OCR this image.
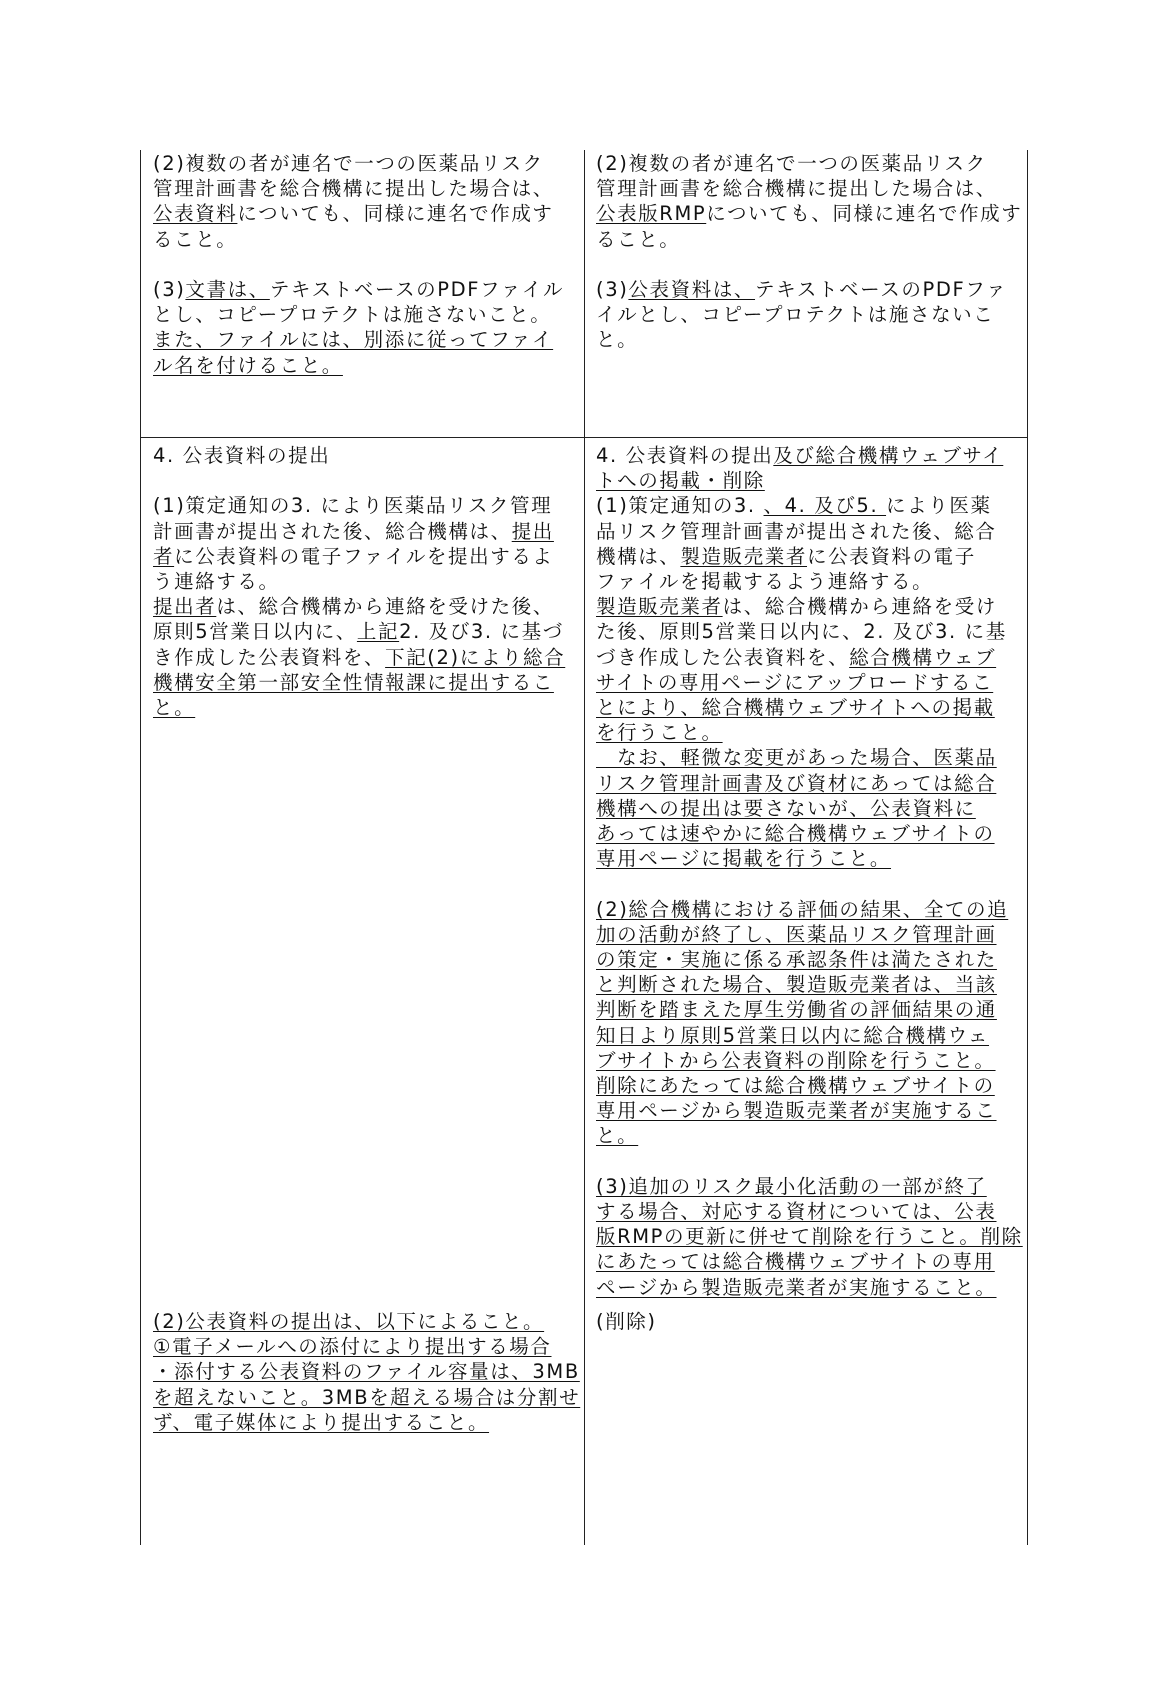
(2)複数の者が連名で一つの医薬品リスク
管理計画書を総合機構に提出した場合は、
公表資料についても、同様に連名で作成す
ること。
(3)文書は、テキストベースのPDFファイル
とし、コピープロテクトは施さないこと。
また、ファイルには、別添に従ってファイ
ル名を付けること。
(2)複数の者が連名で一つの医薬品リスク
管理計画書を総合機構に提出した場合は、
公表版RMPについても、同様に連名で作成す
ること。
(3)公表資料は、テキストベースのPDFファ
イルとし、コピープロテクトは施さないこ
と。
4. 公表資料の提出
(1)策定通知の3. により医薬品リスク管理
計画書が提出された後、総合機構は、提出
者に公表資料の電子ファイルを提出するよ
う連絡する。
提出者は、総合機構から連絡を受けた後、
原則5営業日以内に、上記2. 及び3. に基づ
き作成した公表資料を、下記(2)により総合
機構安全第一部安全性情報課に提出するこ
と。
(2)公表資料の提出は、以下によること。
①電子メールへの添付により提出する場合
・添付する公表資料のファイル容量は、3MB
を超えないこと。3MBを超える場合は分割せ
ず、電子媒体により提出すること。
4. 公表資料の提出及び総合機構ウェブサイ
トへの掲載・削除
(1)策定通知の3. 、4. 及び5. により医薬
品リスク管理計画書が提出された後、総合
機構は、製造販売業者に公表資料の電子
ファイルを掲載するよう連絡する。
製造販売業者は、総合機構から連絡を受け
た後、原則5営業日以内に、2. 及び3. に基
づき作成した公表資料を、総合機構ウェブ
サイトの専用ページにアップロードするこ
とにより、総合機構ウェブサイトへの掲載
を行うこと。
　なお、軽微な変更があった場合、医薬品
リスク管理計画書及び資材にあっては総合
機構への提出は要さないが、公表資料に
あっては速やかに総合機構ウェブサイトの
専用ページに掲載を行うこと。
(2)総合機構における評価の結果、全ての追
加の活動が終了し、医薬品リスク管理計画
の策定・実施に係る承認条件は満たされた
と判断された場合、製造販売業者は、当該
判断を踏まえた厚生労働省の評価結果の通
知日より原則5営業日以内に総合機構ウェ
ブサイトから公表資料の削除を行うこと。
削除にあたっては総合機構ウェブサイトの
専用ページから製造販売業者が実施するこ
と。
(3)追加のリスク最小化活動の一部が終了
する場合、対応する資材については、公表
版RMPの更新に併せて削除を行うこと。削除
にあたっては総合機構ウェブサイトの専用
ページから製造販売業者が実施すること。
(削除)
